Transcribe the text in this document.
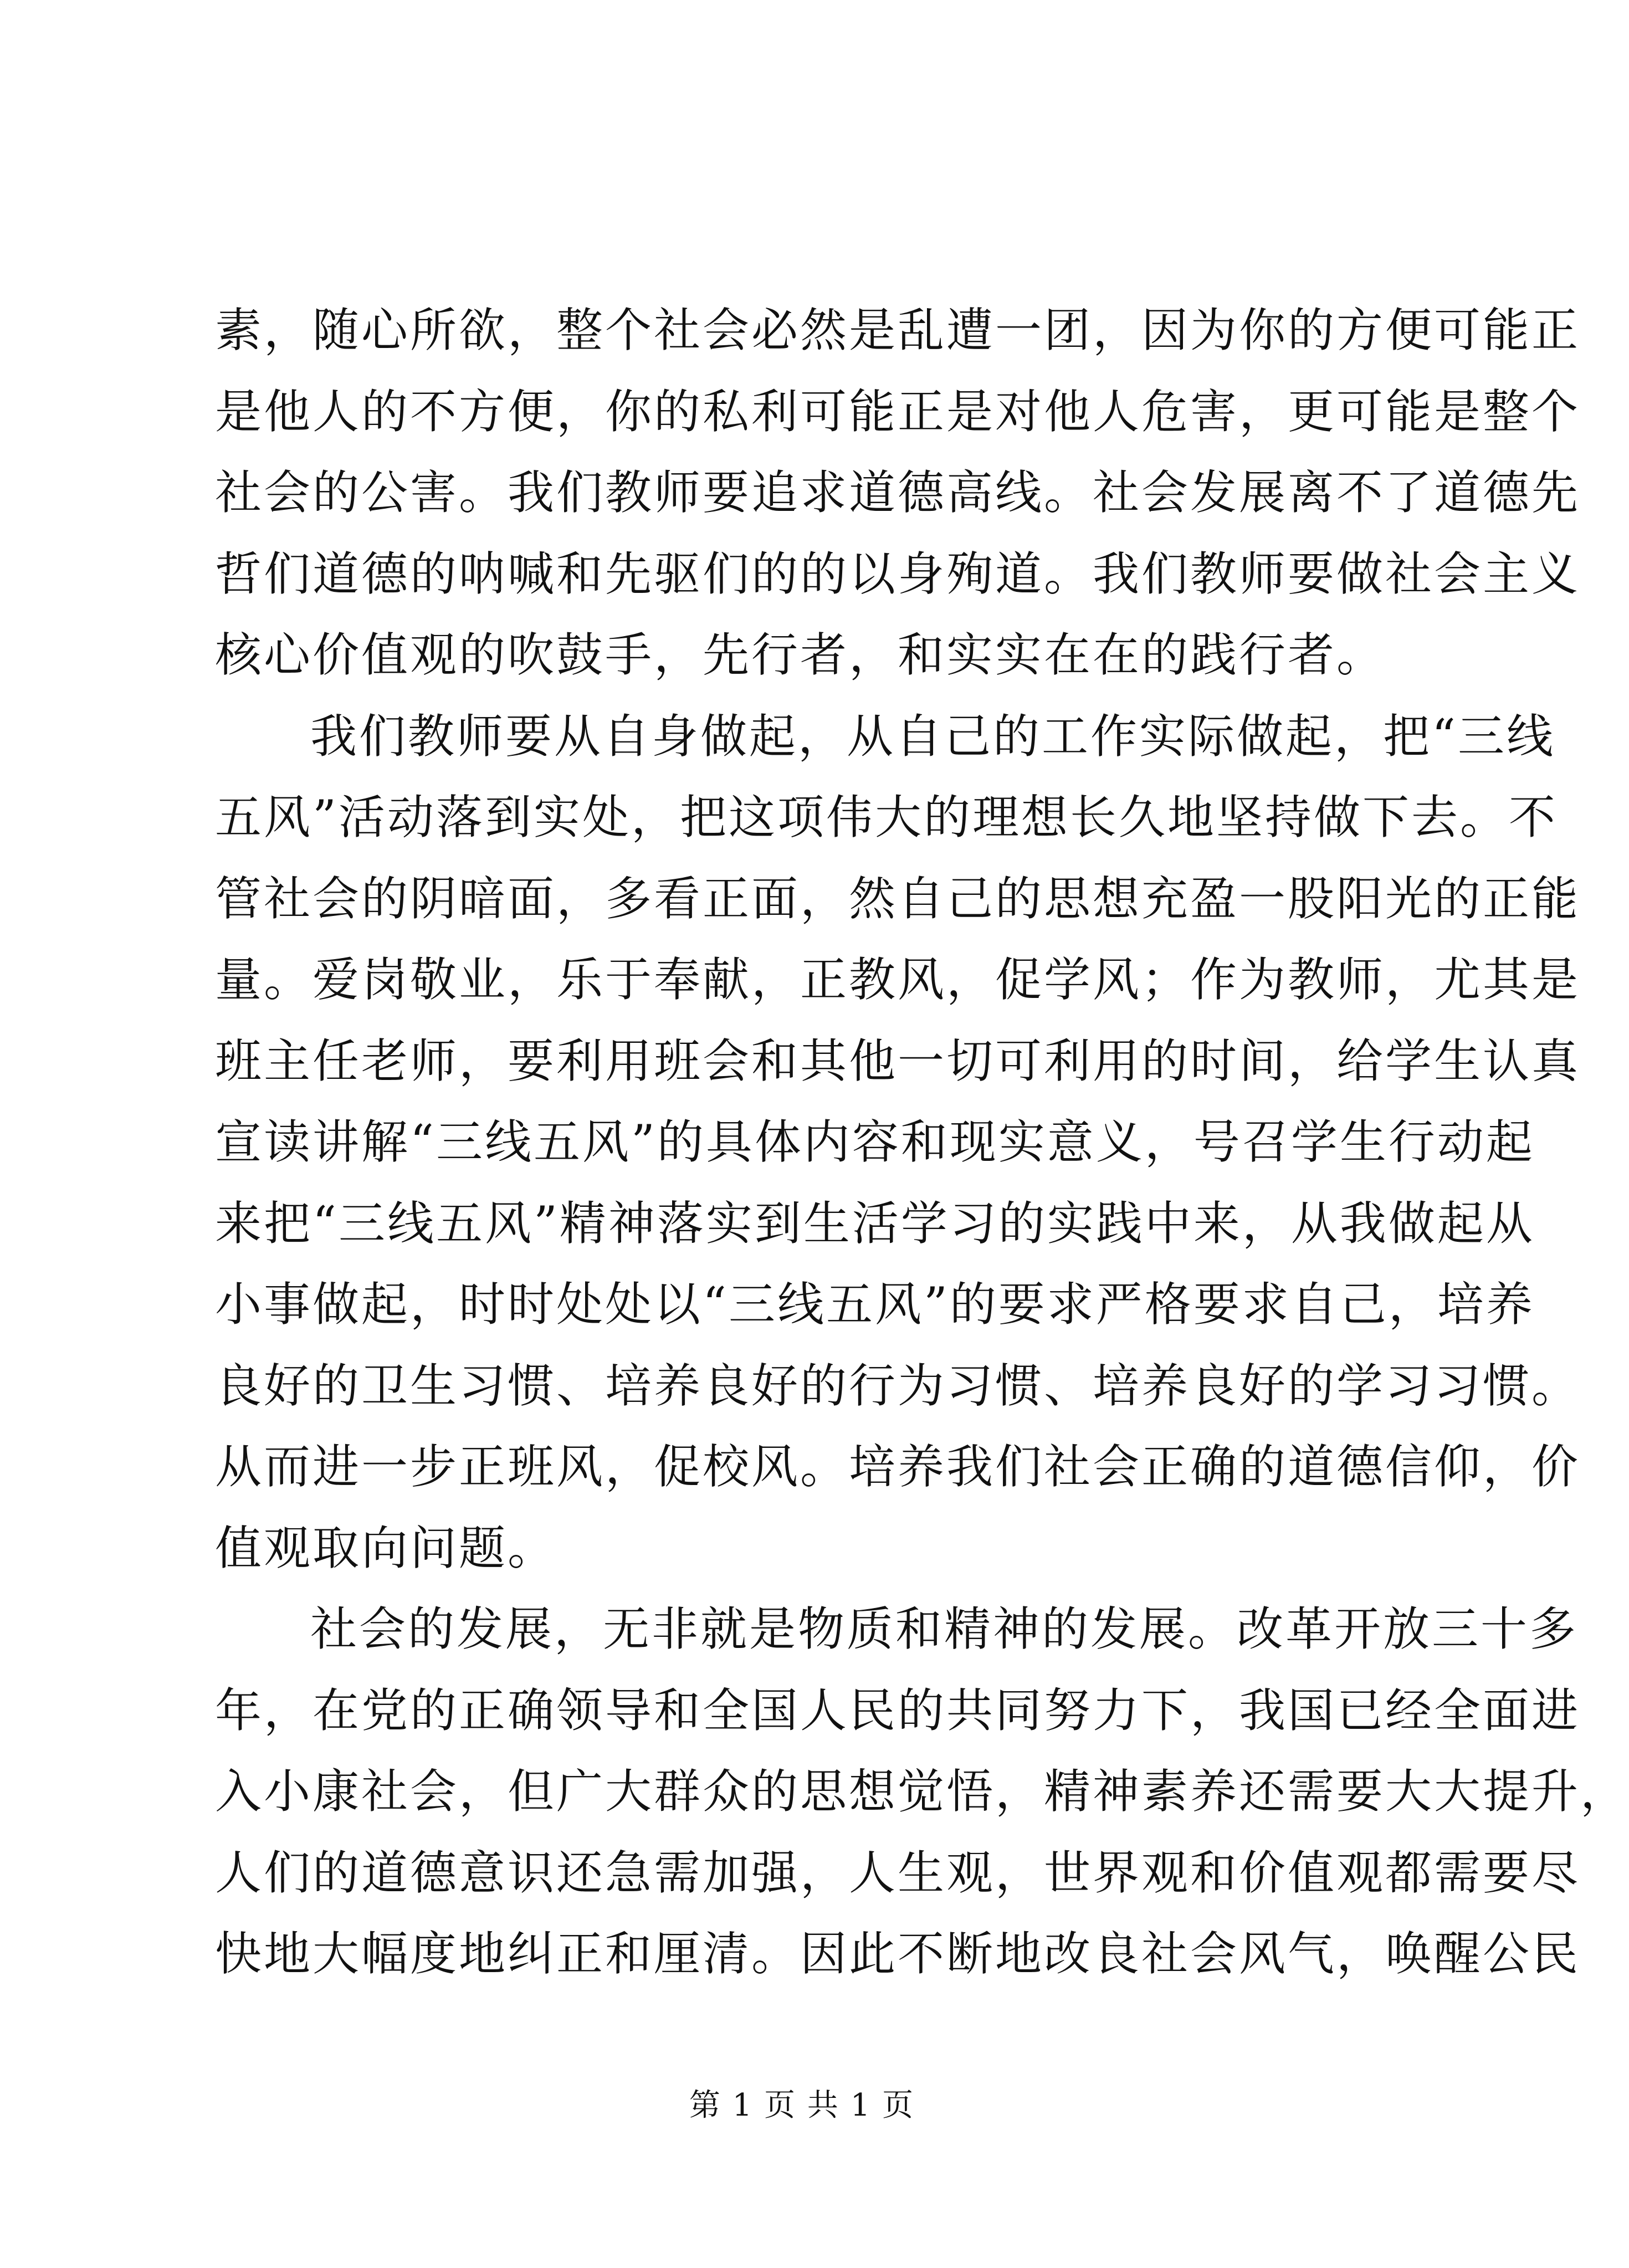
素，随心所欲，整个社会必然是乱遭一团，因为你的方便可能正
是他人的不方便，你的私利可能正是对他人危害，更可能是整个
社会的公害。我们教师要追求道德高线。社会发展离不了道德先
哲们道德的呐喊和先驱们的的以身殉道。我们教师要做社会主义
核心价值观的吹鼓手，先行者，和实实在在的践行者。
我们教师要从自身做起，从自己的工作实际做起，把“三线
五风”活动落到实处，把这项伟大的理想长久地坚持做下去。不
管社会的阴暗面，多看正面，然自己的思想充盈一股阳光的正能
量。爱岗敬业，乐于奉献，正教风，促学风；作为教师，尤其是
班主任老师，要利用班会和其他一切可利用的时间，给学生认真
宣读讲解“三线五风”的具体内容和现实意义，号召学生行动起
来把“三线五风”精神落实到生活学习的实践中来，从我做起从
小事做起，时时处处以“三线五风”的要求严格要求自己，培养
良好的卫生习惯、培养良好的行为习惯、培养良好的学习习惯。
从而进一步正班风，促校风。培养我们社会正确的道德信仰，价
值观取向问题。
社会的发展，无非就是物质和精神的发展。改革开放三十多
年，在党的正确领导和全国人民的共同努力下，我国已经全面进
入小康社会，但广大群众的思想觉悟，精神素养还需要大大提升，
人们的道德意识还急需加强，人生观，世界观和价值观都需要尽
快地大幅度地纠正和厘清。因此不断地改良社会风气，唤醒公民
第 1 页 共 1 页
